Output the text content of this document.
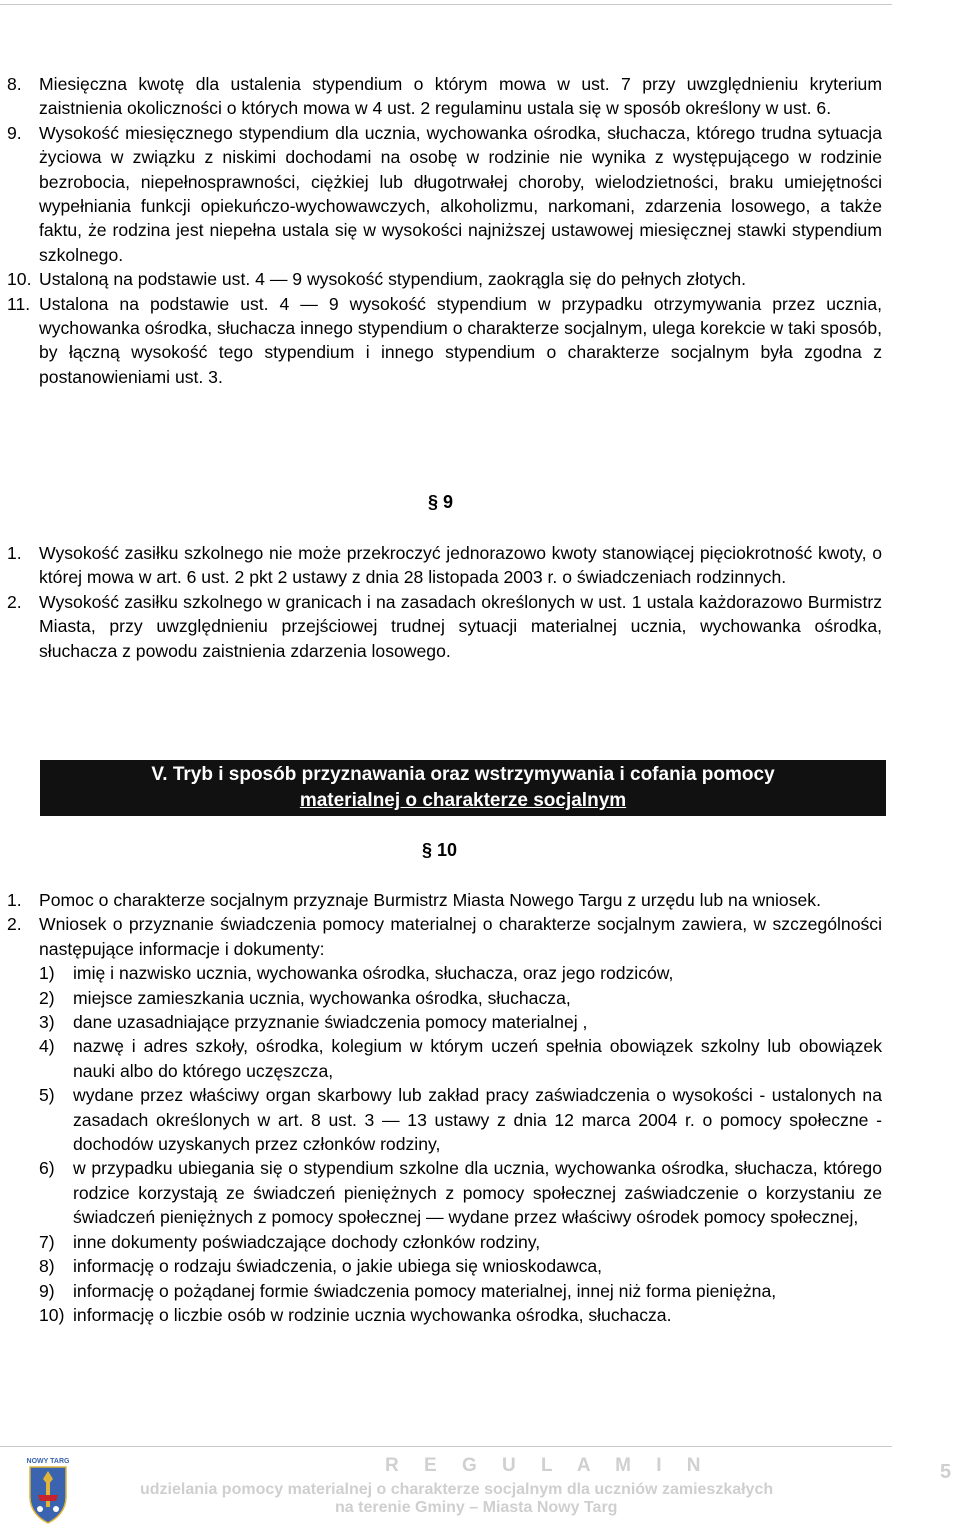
8. Miesięczna kwotę dla ustalenia stypendium o którym mowa w ust. 7 przy uwzględnieniu kryterium zaistnienia okoliczności o których mowa w 4 ust. 2 regulaminu ustala się w sposób określony w ust. 6.
9. Wysokość miesięcznego stypendium dla ucznia, wychowanka ośrodka, słuchacza, którego trudna sytuacja życiowa w związku z niskimi dochodami na osobę w rodzinie nie wynika z występującego w rodzinie bezrobocia, niepełnosprawności, ciężkiej lub długotrwałej choroby, wielodzietności, braku umiejętności wypełniania funkcji opiekuńczo-wychowawczych, alkoholizmu, narkomani, zdarzenia losowego, a także faktu, że rodzina jest niepełna ustala się w wysokości najniższej ustawowej miesięcznej stawki stypendium szkolnego.
10. Ustaloną na podstawie ust. 4 — 9 wysokość stypendium, zaokrągla się do pełnych złotych.
11. Ustalona na podstawie ust. 4 — 9 wysokość stypendium w przypadku otrzymywania przez ucznia, wychowanka ośrodka, słuchacza innego stypendium o charakterze socjalnym, ulega korekcie w taki sposób, by łączną wysokość tego stypendium i innego stypendium o charakterze socjalnym była zgodna z postanowieniami ust. 3.
§ 9
1. Wysokość zasiłku szkolnego nie może przekroczyć jednorazowo kwoty stanowiącej pięciokrotność kwoty, o której mowa w art. 6 ust. 2 pkt 2 ustawy z dnia 28 listopada 2003 r. o świadczeniach rodzinnych.
2. Wysokość zasiłku szkolnego w granicach i na zasadach określonych w ust. 1 ustala każdorazowo Burmistrz Miasta, przy uwzględnieniu przejściowej trudnej sytuacji materialnej ucznia, wychowanka ośrodka, słuchacza z powodu zaistnienia zdarzenia losowego.
V. Tryb i sposób przyznawania oraz wstrzymywania i cofania pomocy
materialnej o charakterze socjalnym
§ 10
1. Pomoc o charakterze socjalnym przyznaje Burmistrz Miasta Nowego Targu z urzędu lub na wniosek.
2. Wniosek o przyznanie świadczenia pomocy materialnej o charakterze socjalnym zawiera, w szczególności następujące informacje i dokumenty:
1) imię i nazwisko ucznia, wychowanka ośrodka, słuchacza, oraz jego rodziców,
2) miejsce zamieszkania ucznia, wychowanka ośrodka, słuchacza,
3) dane uzasadniające przyznanie świadczenia pomocy materialnej ,
4) nazwę i adres szkoły, ośrodka, kolegium w którym uczeń spełnia obowiązek szkolny lub obowiązek nauki albo do którego uczęszcza,
5) wydane przez właściwy organ skarbowy lub zakład pracy zaświadczenia o wysokości - ustalonych na zasadach określonych w art. 8 ust. 3 — 13 ustawy z dnia 12 marca 2004 r. o pomocy społeczne - dochodów uzyskanych przez członków rodziny,
6) w przypadku ubiegania się o stypendium szkolne dla ucznia, wychowanka ośrodka, słuchacza, którego rodzice korzystają ze świadczeń pieniężnych z pomocy społecznej zaświadczenie o korzystaniu ze świadczeń pieniężnych z pomocy społecznej — wydane przez właściwy ośrodek pomocy społecznej,
7) inne dokumenty poświadczające dochody członków rodziny,
8) informację o rodzaju świadczenia, o jakie ubiega się wnioskodawca,
9) informację o pożądanej formie świadczenia pomocy materialnej, innej niż forma pieniężna,
10) informację o liczbie osób w rodzinie ucznia wychowanka ośrodka, słuchacza.
NOWY TARG	R E G U L A M I N
udzielania pomocy materialnej o charakterze socjalnym dla uczniów zamieszkałych
na terenie Gminy – Miasta Nowy Targ
5
